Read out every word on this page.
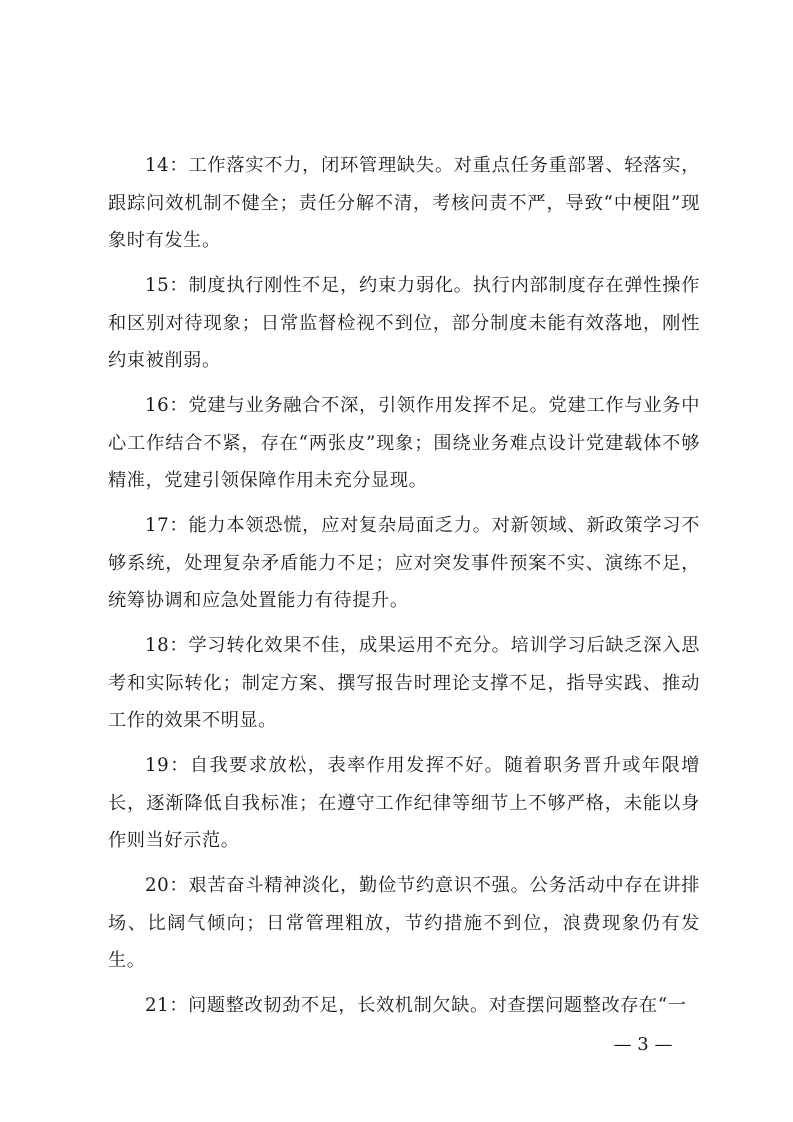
14：工作落实不力，闭环管理缺失。对重点任务重部署、轻落实，跟踪问效机制不健全；责任分解不清，考核问责不严，导致“中梗阻”现象时有发生。

15：制度执行刚性不足，约束力弱化。执行内部制度存在弹性操作和区别对待现象；日常监督检视不到位，部分制度未能有效落地，刚性约束被削弱。

16：党建与业务融合不深，引领作用发挥不足。党建工作与业务中心工作结合不紧，存在“两张皮”现象；围绕业务难点设计党建载体不够精准，党建引领保障作用未充分显现。

17：能力本领恐慌，应对复杂局面乏力。对新领域、新政策学习不够系统，处理复杂矛盾能力不足；应对突发事件预案不实、演练不足，统筹协调和应急处置能力有待提升。

18：学习转化效果不佳，成果运用不充分。培训学习后缺乏深入思考和实际转化；制定方案、撰写报告时理论支撑不足，指导实践、推动工作的效果不明显。

19：自我要求放松，表率作用发挥不好。随着职务晋升或年限增长，逐渐降低自我标准；在遵守工作纪律等细节上不够严格，未能以身作则当好示范。

20：艰苦奋斗精神淡化，勤俭节约意识不强。公务活动中存在讲排场、比阔气倾向；日常管理粗放，节约措施不到位，浪费现象仍有发生。

21：问题整改韧劲不足，长效机制欠缺。对查摆问题整改存在“一

— 3 —
